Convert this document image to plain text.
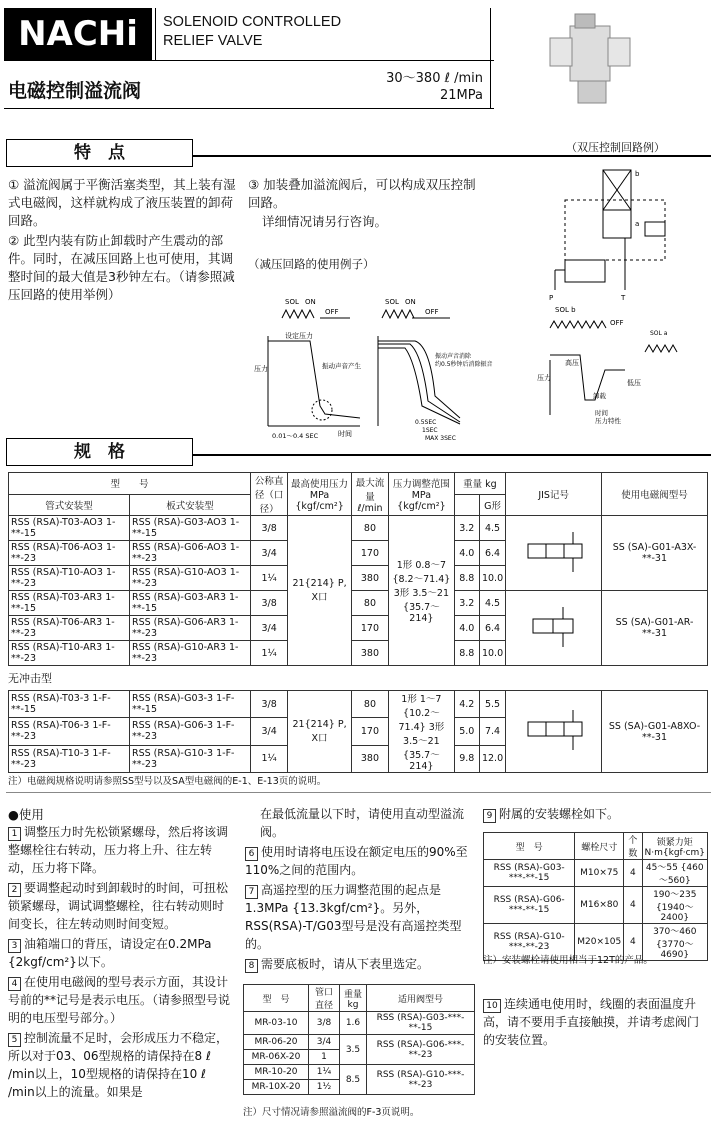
NACHi	SOLENOID CONTROLLED
RELIEF VALVE
电磁控制溢流阀
30～380 ℓ /min
21MPa
特　点
① 溢流阀属于平衡活塞类型，其上装有湿式电磁阀，这样就构成了液压装置的卸荷回路。
② 此型内装有防止卸载时产生震动的部件。同时，在减压回路上也可使用，其调整时间的最大值是3秒钟左右。（请参照减压回路的使用举例）
③ 加装叠加溢流阀后，可以构成双压控制回路。
详细情况请另行咨询。
（减压回路的使用例子）
（双压控制回路例）
SOL ON
OFF
设定压力
压力	振动声音产生
0.01～0.4 SEC	时间
SOL ON
OFF
振动声音消除
约0.5秒钟后消除振音
0.5SEC
1SEC
MAX 3SEC
b
a
P	T
SOL b
OFF
SOL a
压力
高压
低压
卸载
时间
压力特性
规　格
型　　号		公称直径（口径）	最高使用压力 MPa {kgf/cm²}	最大流量 ℓ/min	压力调整范围 MPa {kgf/cm²}	重量 kg		JIS记号	使用电磁阀型号
管式安装型	板式安装型						G形		
RSS (RSA)-T03-AO3 1-**-15	RSS (RSA)-G03-AO3 1-**-15	3/8	21{214} P, X口	80	1形 0.8～7 {8.2～71.4} 3形 3.5～21 {35.7～214}	3.2	4.5		SS (SA)-G01-A3X-**-31
RSS (RSA)-T06-AO3 1-**-23	RSS (RSA)-G06-AO3 1-**-23	3/4		170		4.0	6.4		
RSS (RSA)-T10-AO3 1-**-23	RSS (RSA)-G10-AO3 1-**-23	1¼		380		8.8	10.0		
RSS (RSA)-T03-AR3 1-**-15	RSS (RSA)-G03-AR3 1-**-15	3/8		80		3.2	4.5		SS (SA)-G01-AR-**-31
RSS (RSA)-T06-AR3 1-**-23	RSS (RSA)-G06-AR3 1-**-23	3/4		170		4.0	6.4		
RSS (RSA)-T10-AR3 1-**-23	RSS (RSA)-G10-AR3 1-**-23	1¼		380		8.8	10.0		
无冲击型
RSS (RSA)-T03-3 1-F-**-15	RSS (RSA)-G03-3 1-F-**-15	3/8	21{214} P, X口	80	1形 1～7 {10.2～71.4} 3形 3.5～21 {35.7～214}	4.2	5.5		SS (SA)-G01-A8XO-**-31
RSS (RSA)-T06-3 1-F-**-23	RSS (RSA)-G06-3 1-F-**-23	3/4		170		5.0	7.4		
RSS (RSA)-T10-3 1-F-**-23	RSS (RSA)-G10-3 1-F-**-23	1¼		380		9.8	12.0		
注）电磁阀规格说明请参照SS型号以及SA型电磁阀的E-1、E-13页的说明。
●使用
1 调整压力时先松锁紧螺母，然后将该调整螺栓往右转动，压力将上升、往左转动，压力将下降。
2 要调整起动时到卸载时的时间，可扭松锁紧螺母，调试调整螺栓，往右转动则时间变长，往左转动则时间变短。
3 油箱端口的背压，请设定在0.2MPa {2kgf/cm²}以下。
4 在使用电磁阀的型号表示方面，其设计号前的**记号是表示电压。（请参照型号说明的电压型号部分。）
5 控制流量不足时，会形成压力不稳定，所以对于03、06型规格的请保持在8 ℓ /min以上，10型规格的请保持在10 ℓ /min以上的流量。如果是
在最低流量以下时，请使用直动型溢流阀。
6 使用时请将电压设在额定电压的90%至110%之间的范围内。
7 高遥控型的压力调整范围的起点是1.3MPa {13.3kgf/cm²}。另外，RSS(RSA)-T/G03型号是没有高遥控类型的。
8 需要底板时，请从下表里选定。
型　号	管口直径	重量 kg	适用阀型号
MR-03-10	3/8	1.6	RSS (RSA)-G03-***-**-15
MR-06-20	3/4	3.5	RSS (RSA)-G06-***-**-23
MR-06X-20	1		
MR-10-20	1¼	8.5	RSS (RSA)-G10-***-**-23
MR-10X-20	1½		
注）尺寸情况请参照溢流阀的F-3页说明。
9 附属的安装螺栓如下。
型　号	螺栓尺寸	个数	锁紧力矩 N·m{kgf·cm}
RSS (RSA)-G03-***-**-15	M10×75	4	45～55 {460～560}
RSS (RSA)-G06-***-**-15	M16×80	4	190～235 {1940～2400}
RSS (RSA)-G10-***-**-23	M20×105	4	370～460 {3770～4690}
注）安装螺栓请使用相当于12T的产品。
10 连续通电使用时，线圈的表面温度升高，请不要用手直接触摸，并请考虑阀门的安装位置。
